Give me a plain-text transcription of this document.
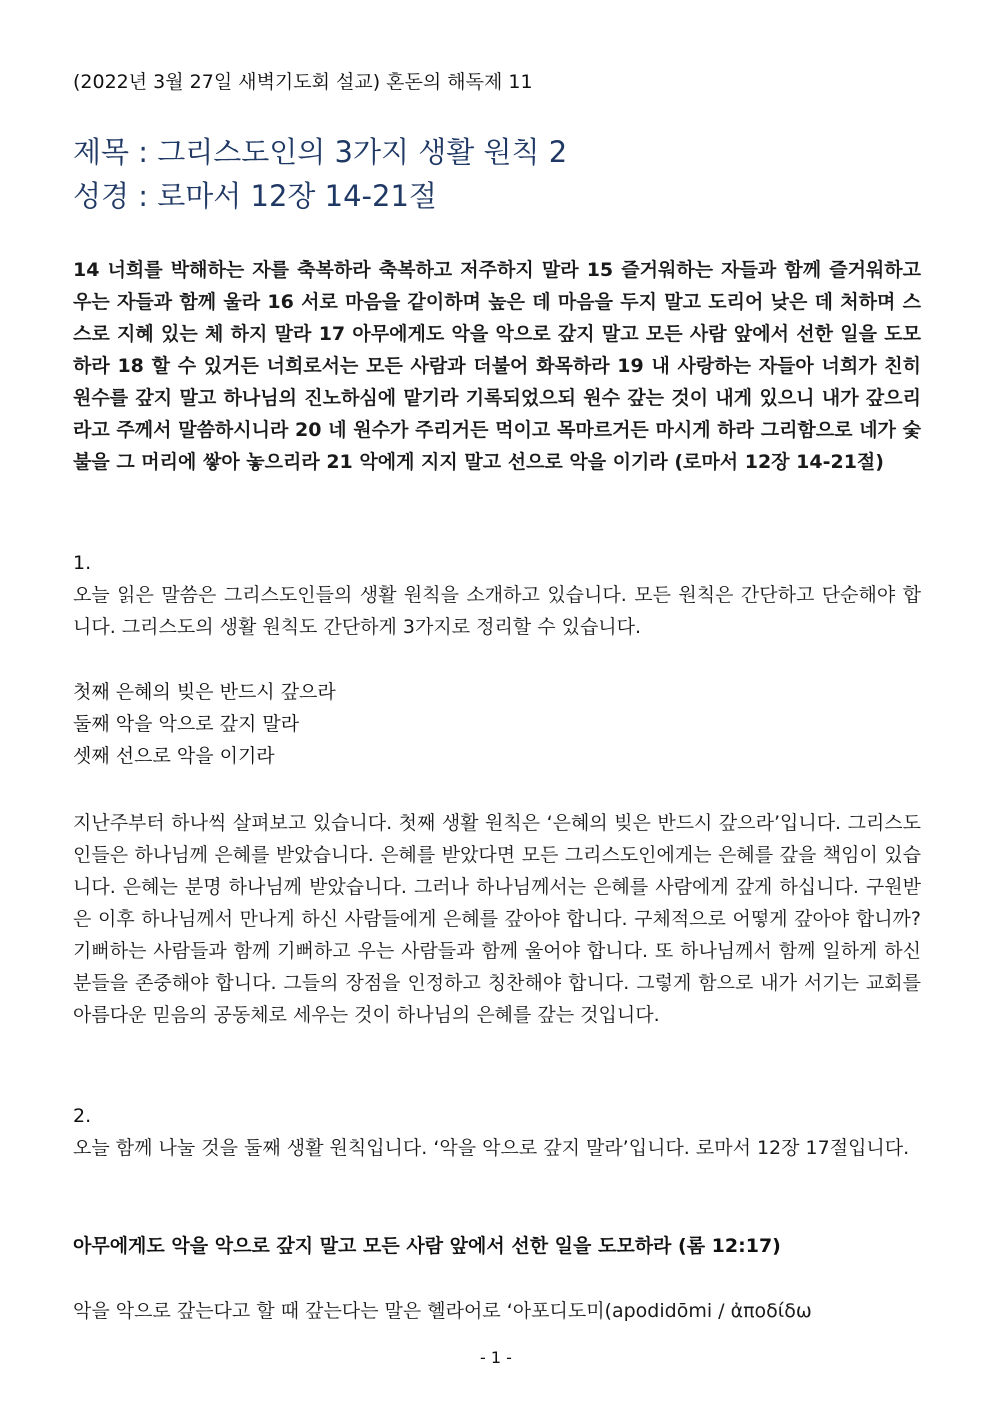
(2022년 3월 27일 새벽기도회 설교) 혼돈의 해독제 11
제목 : 그리스도인의 3가지 생활 원칙 2
성경 : 로마서 12장 14-21절
14 너희를 박해하는 자를 축복하라 축복하고 저주하지 말라 15 즐거워하는 자들과 함께 즐거워하고 우는 자들과 함께 울라 16 서로 마음을 같이하며 높은 데 마음을 두지 말고 도리어 낮은 데 처하며 스스로 지혜 있는 체 하지 말라 17 아무에게도 악을 악으로 갚지 말고 모든 사람 앞에서 선한 일을 도모하라 18 할 수 있거든 너희로서는 모든 사람과 더불어 화목하라 19 내 사랑하는 자들아 너희가 친히 원수를 갚지 말고 하나님의 진노하심에 맡기라 기록되었으되 원수 갚는 것이 내게 있으니 내가 갚으리라고 주께서 말씀하시니라 20 네 원수가 주리거든 먹이고 목마르거든 마시게 하라 그리함으로 네가 숯불을 그 머리에 쌓아 놓으리라 21 악에게 지지 말고 선으로 악을 이기라 (로마서 12장 14-21절)
1.
오늘 읽은 말씀은 그리스도인들의 생활 원칙을 소개하고 있습니다. 모든 원칙은 간단하고 단순해야 합니다. 그리스도의 생활 원칙도 간단하게 3가지로 정리할 수 있습니다.
첫째 은혜의 빚은 반드시 갚으라
둘째 악을 악으로 갚지 말라
셋째 선으로 악을 이기라
지난주부터 하나씩 살펴보고 있습니다. 첫째 생활 원칙은 ‘은혜의 빚은 반드시 갚으라’입니다. 그리스도인들은 하나님께 은혜를 받았습니다. 은혜를 받았다면 모든 그리스도인에게는 은혜를 갚을 책임이 있습니다. 은혜는 분명 하나님께 받았습니다. 그러나 하나님께서는 은혜를 사람에게 갚게 하십니다. 구원받은 이후 하나님께서 만나게 하신 사람들에게 은혜를 갚아야 합니다. 구체적으로 어떻게 갚아야 합니까? 기뻐하는 사람들과 함께 기뻐하고 우는 사람들과 함께 울어야 합니다. 또 하나님께서 함께 일하게 하신 분들을 존중해야 합니다. 그들의 장점을 인정하고 칭찬해야 합니다. 그렇게 함으로 내가 서기는 교회를 아름다운 믿음의 공동체로 세우는 것이 하나님의 은혜를 갚는 것입니다.
2.
오늘 함께 나눌 것을 둘째 생활 원칙입니다. ‘악을 악으로 갚지 말라’입니다. 로마서 12장 17절입니다.
아무에게도 악을 악으로 갚지 말고 모든 사람 앞에서 선한 일을 도모하라 (롬 12:17)
악을 악으로 갚는다고 할 때 갚는다는 말은 헬라어로 ‘아포디도미(apodidōmi / ἀποδίδω
- 1 -
